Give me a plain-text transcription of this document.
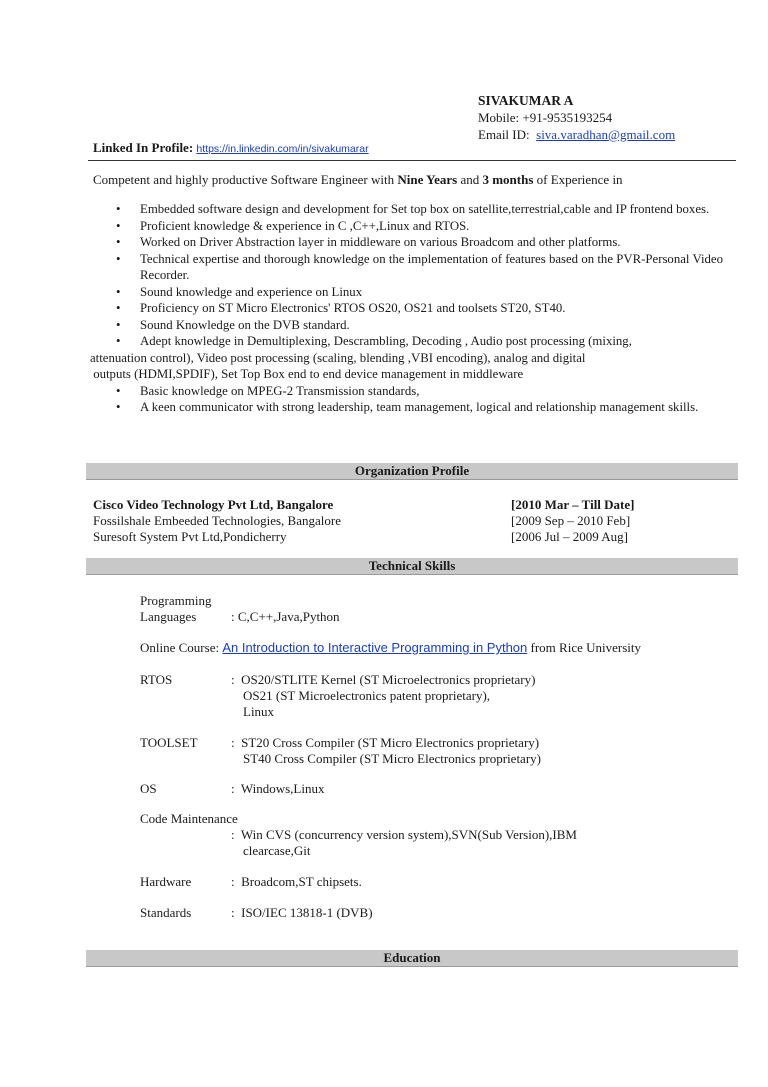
SIVAKUMAR A
Mobile: +91-9535193254
Email ID: siva.varadhan@gmail.com
Linked In Profile: https://in.linkedin.com/in/sivakumarar
Competent and highly productive Software Engineer with Nine Years and 3 months of Experience in
• Embedded software design and development for Set top box on satellite,terrestrial,cable and IP frontend boxes.
• Proficient knowledge & experience in C ,C++,Linux and RTOS.
• Worked on Driver Abstraction layer in middleware on various Broadcom and other platforms.
• Technical expertise and thorough knowledge on the implementation of features based on the PVR-Personal Video Recorder.
• Sound knowledge and experience on Linux
• Proficiency on ST Micro Electronics' RTOS OS20, OS21 and toolsets ST20, ST40.
• Sound Knowledge on the DVB standard.
• Adept knowledge in Demultiplexing, Descrambling, Decoding , Audio post processing (mixing,
attenuation control), Video post processing (scaling, blending ,VBI encoding), analog and digital
outputs (HDMI,SPDIF), Set Top Box end to end device management in middleware
• Basic knowledge on MPEG-2 Transmission standards,
• A keen communicator with strong leadership, team management, logical and relationship management skills.
Organization Profile
Cisco Video Technology Pvt Ltd, Bangalore	[2010 Mar – Till Date]
Fossilshale Embeeded Technologies, Bangalore	[2009 Sep – 2010 Feb]
Suresoft System Pvt Ltd,Pondicherry	[2006 Jul – 2009 Aug]
Technical Skills
Programming
Languages	: C,C++,Java,Python
Online Course: An Introduction to Interactive Programming in Python from Rice University
RTOS	:  OS20/STLITE Kernel (ST Microelectronics proprietary)
OS21 (ST Microelectronics patent proprietary),
Linux
TOOLSET	:  ST20 Cross Compiler (ST Micro Electronics proprietary)
ST40 Cross Compiler (ST Micro Electronics proprietary)
OS	:  Windows,Linux
Code Maintenance
:  Win CVS (concurrency version system),SVN(Sub Version),IBM
clearcase,Git
Hardware	:  Broadcom,ST chipsets.
Standards	:  ISO/IEC 13818-1 (DVB)
Education
